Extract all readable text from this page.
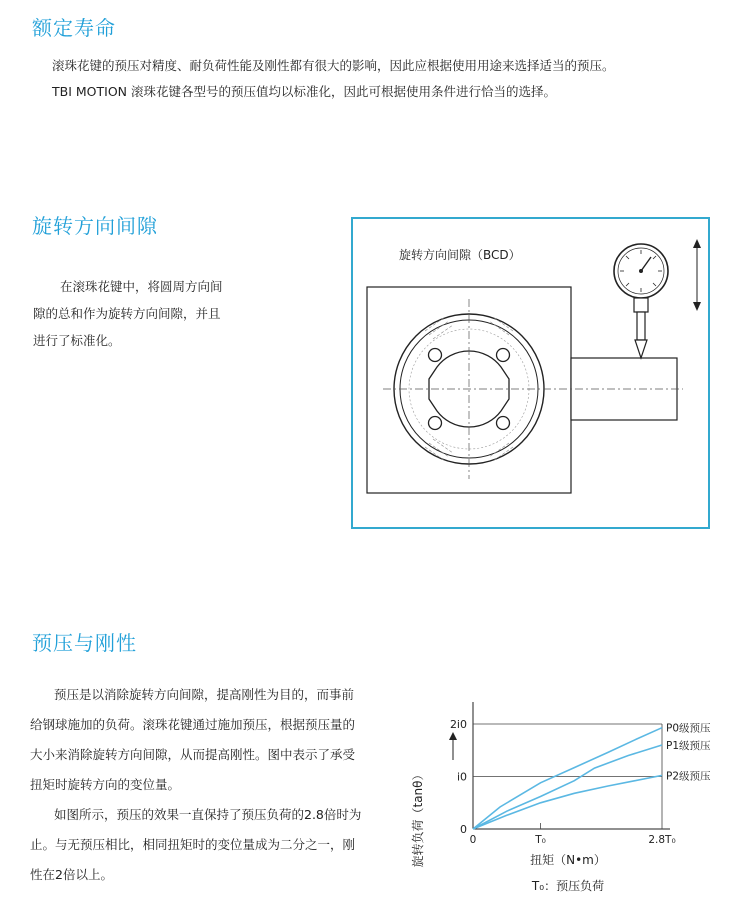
额定寿命

滚珠花键的预压对精度、耐负荷性能及刚性都有很大的影响，因此应根据使用用途来选择适当的预压。

TBI MOTION 滚珠花键各型号的预压值均以标准化，因此可根据使用条件进行恰当的选择。

旋转方向间隙

在滚珠花键中，将圆周方向间

隙的总和作为旋转方向间隙，并且

进行了标准化。

旋转方向间隙（BCD）
预压与刚性

预压是以消除旋转方向间隙，提高刚性为目的，而事前给钢球施加的负荷。滚珠花键通过施加预压，根据预压量的大小来消除旋转方向间隙，从而提高刚性。图中表示了承受扭矩时旋转方向的变位量。

如图所示，预压的效果一直保持了预压负荷的2.8倍时为止。与无预压相比，相同扭矩时的变位量成为二分之一，刚性在2倍以上。

旋转负荷（tanθ）	0
i0
2i0
0	T₀	2.8T₀
P0级预压
P1级预压
P2级预压
扭矩（N•m）
T₀：预压负荷
